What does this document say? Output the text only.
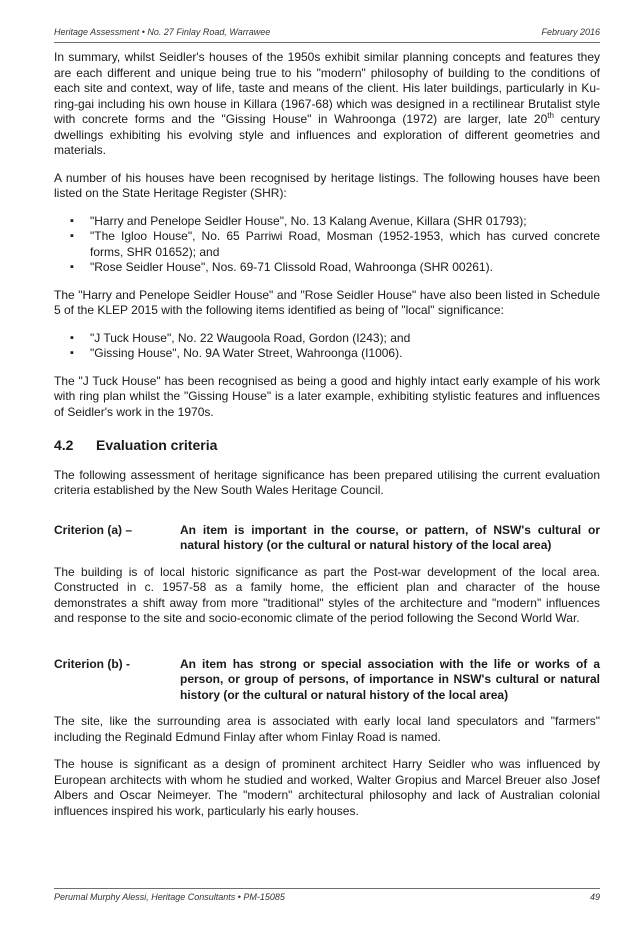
Heritage Assessment • No. 27 Finlay Road, Warrawee	February 2016

In summary, whilst Seidler's houses of the 1950s exhibit similar planning concepts and features they are each different and unique being true to his "modern" philosophy of building to the conditions of each site and context, way of life, taste and means of the client. His later buildings, particularly in Ku-ring-gai including his own house in Killara (1967-68) which was designed in a rectilinear Brutalist style with concrete forms and the "Gissing House" in Wahroonga (1972) are larger, late 20th century dwellings exhibiting his evolving style and influences and exploration of different geometries and materials.

A number of his houses have been recognised by heritage listings. The following houses have been listed on the State Heritage Register (SHR):

▪ "Harry and Penelope Seidler House", No. 13 Kalang Avenue, Killara (SHR 01793);
▪ "The Igloo House", No. 65 Parriwi Road, Mosman (1952-1953, which has curved concrete forms, SHR 01652); and
▪ "Rose Seidler House", Nos. 69-71 Clissold Road, Wahroonga (SHR 00261).

The "Harry and Penelope Seidler House" and "Rose Seidler House" have also been listed in Schedule 5 of the KLEP 2015 with the following items identified as being of "local" significance:

▪ "J Tuck House", No. 22 Waugoola Road, Gordon (I243); and
▪ "Gissing House", No. 9A Water Street, Wahroonga (I1006).

The "J Tuck House" has been recognised as being a good and highly intact early example of his work with ring plan whilst the "Gissing House" is a later example, exhibiting stylistic features and influences of Seidler's work in the 1970s.

4.2	Evaluation criteria

The following assessment of heritage significance has been prepared utilising the current evaluation criteria established by the New South Wales Heritage Council.

Criterion (a) –	An item is important in the course, or pattern, of NSW's cultural or natural history (or the cultural or natural history of the local area)

The building is of local historic significance as part the Post-war development of the local area. Constructed in c. 1957-58 as a family home, the efficient plan and character of the house demonstrates a shift away from more "traditional" styles of the architecture and "modern" influences and response to the site and socio-economic climate of the period following the Second World War.

Criterion (b) -	An item has strong or special association with the life or works of a person, or group of persons, of importance in NSW's cultural or natural history (or the cultural or natural history of the local area)

The site, like the surrounding area is associated with early local land speculators and "farmers" including the Reginald Edmund Finlay after whom Finlay Road is named.

The house is significant as a design of prominent architect Harry Seidler who was influenced by European architects with whom he studied and worked, Walter Gropius and Marcel Breuer also Josef Albers and Oscar Neimeyer. The "modern" architectural philosophy and lack of Australian colonial influences inspired his work, particularly his early houses.

Perumal Murphy Alessi, Heritage Consultants • PM-15085	49
